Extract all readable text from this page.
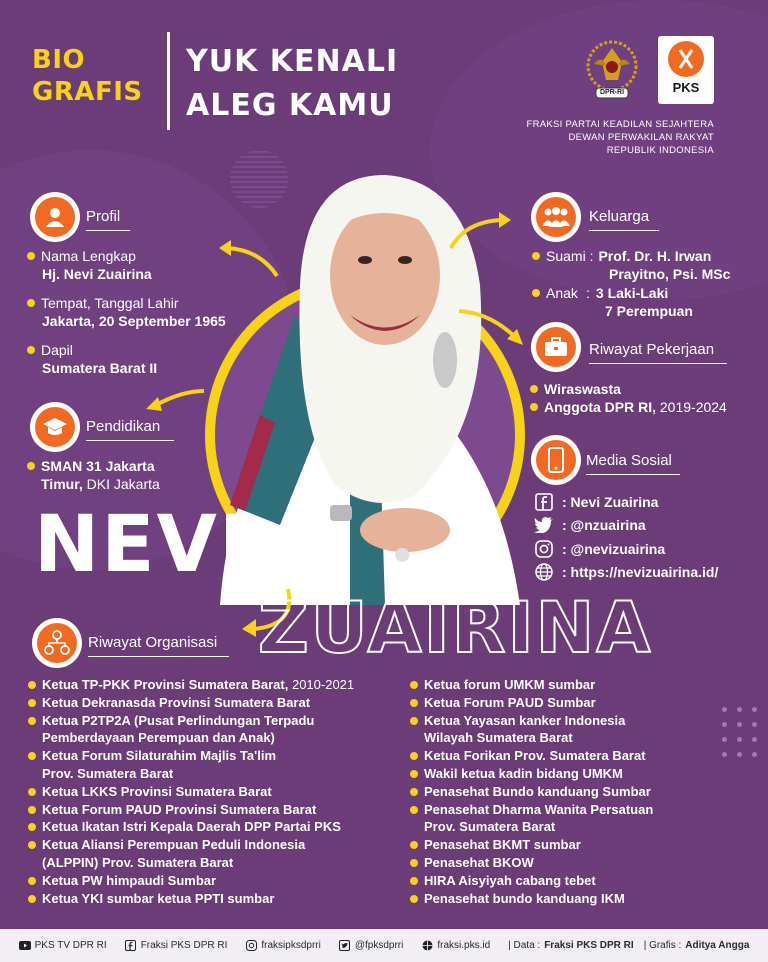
BIO
GRAFIS
YUK KENALI
ALEG KAMU	DPR-RI	PKS
FRAKSI PARTAI KEADILAN SEJAHTERA
DEWAN PERWAKILAN RAKYAT
REPUBLIK INDONESIA
NEVI
ZUAIRINA
Profil
Nama Lengkap
Hj. Nevi Zuairina
Tempat, Tanggal Lahir
Jakarta, 20 September 1965
Dapil
Sumatera Barat II
Pendidikan
SMAN 31 Jakarta
Timur, DKI Jakarta
Keluarga
Suami : Prof. Dr. H. Irwan
Prayitno, Psi. MSc
Anak : 3 Laki-Laki
7 Perempuan
Riwayat Pekerjaan
Wiraswasta
Anggota DPR RI, 2019-2024
Media Sosial
: Nevi Zuairina
: @nzuairina
: @nevizuairina
: https://nevizuairina.id/
Riwayat Organisasi
Ketua TP-PKK Provinsi Sumatera Barat, 2010-2021
Ketua Dekranasda Provinsi Sumatera Barat
Ketua P2TP2A (Pusat Perlindungan Terpadu
Pemberdayaan Perempuan dan Anak)
Ketua Forum Silaturahim Majlis Ta'lim
Prov. Sumatera Barat
Ketua LKKS Provinsi Sumatera Barat
Ketua Forum PAUD Provinsi Sumatera Barat
Ketua Ikatan Istri Kepala Daerah DPP Partai PKS
Ketua Aliansi Perempuan Peduli Indonesia
(ALPPIN) Prov. Sumatera Barat
Ketua PW himpaudi Sumbar
Ketua YKI sumbar ketua PPTI sumbar
Ketua forum UMKM sumbar
Ketua Forum PAUD Sumbar
Ketua Yayasan kanker Indonesia
Wilayah Sumatera Barat
Ketua Forikan Prov. Sumatera Barat
Wakil ketua kadin bidang UMKM
Penasehat Bundo kanduang Sumbar
Penasehat Dharma Wanita Persatuan
Prov. Sumatera Barat
Penasehat BKMT sumbar
Penasehat BKOW
HIRA Aisyiyah cabang tebet
Penasehat bundo kanduang IKM
PKS TV DPR RI	Fraksi PKS DPR RI	fraksipksdprri	@fpksdprri	fraksi.pks.id | Data : Fraksi PKS DPR RI | Grafis : Aditya Angga
